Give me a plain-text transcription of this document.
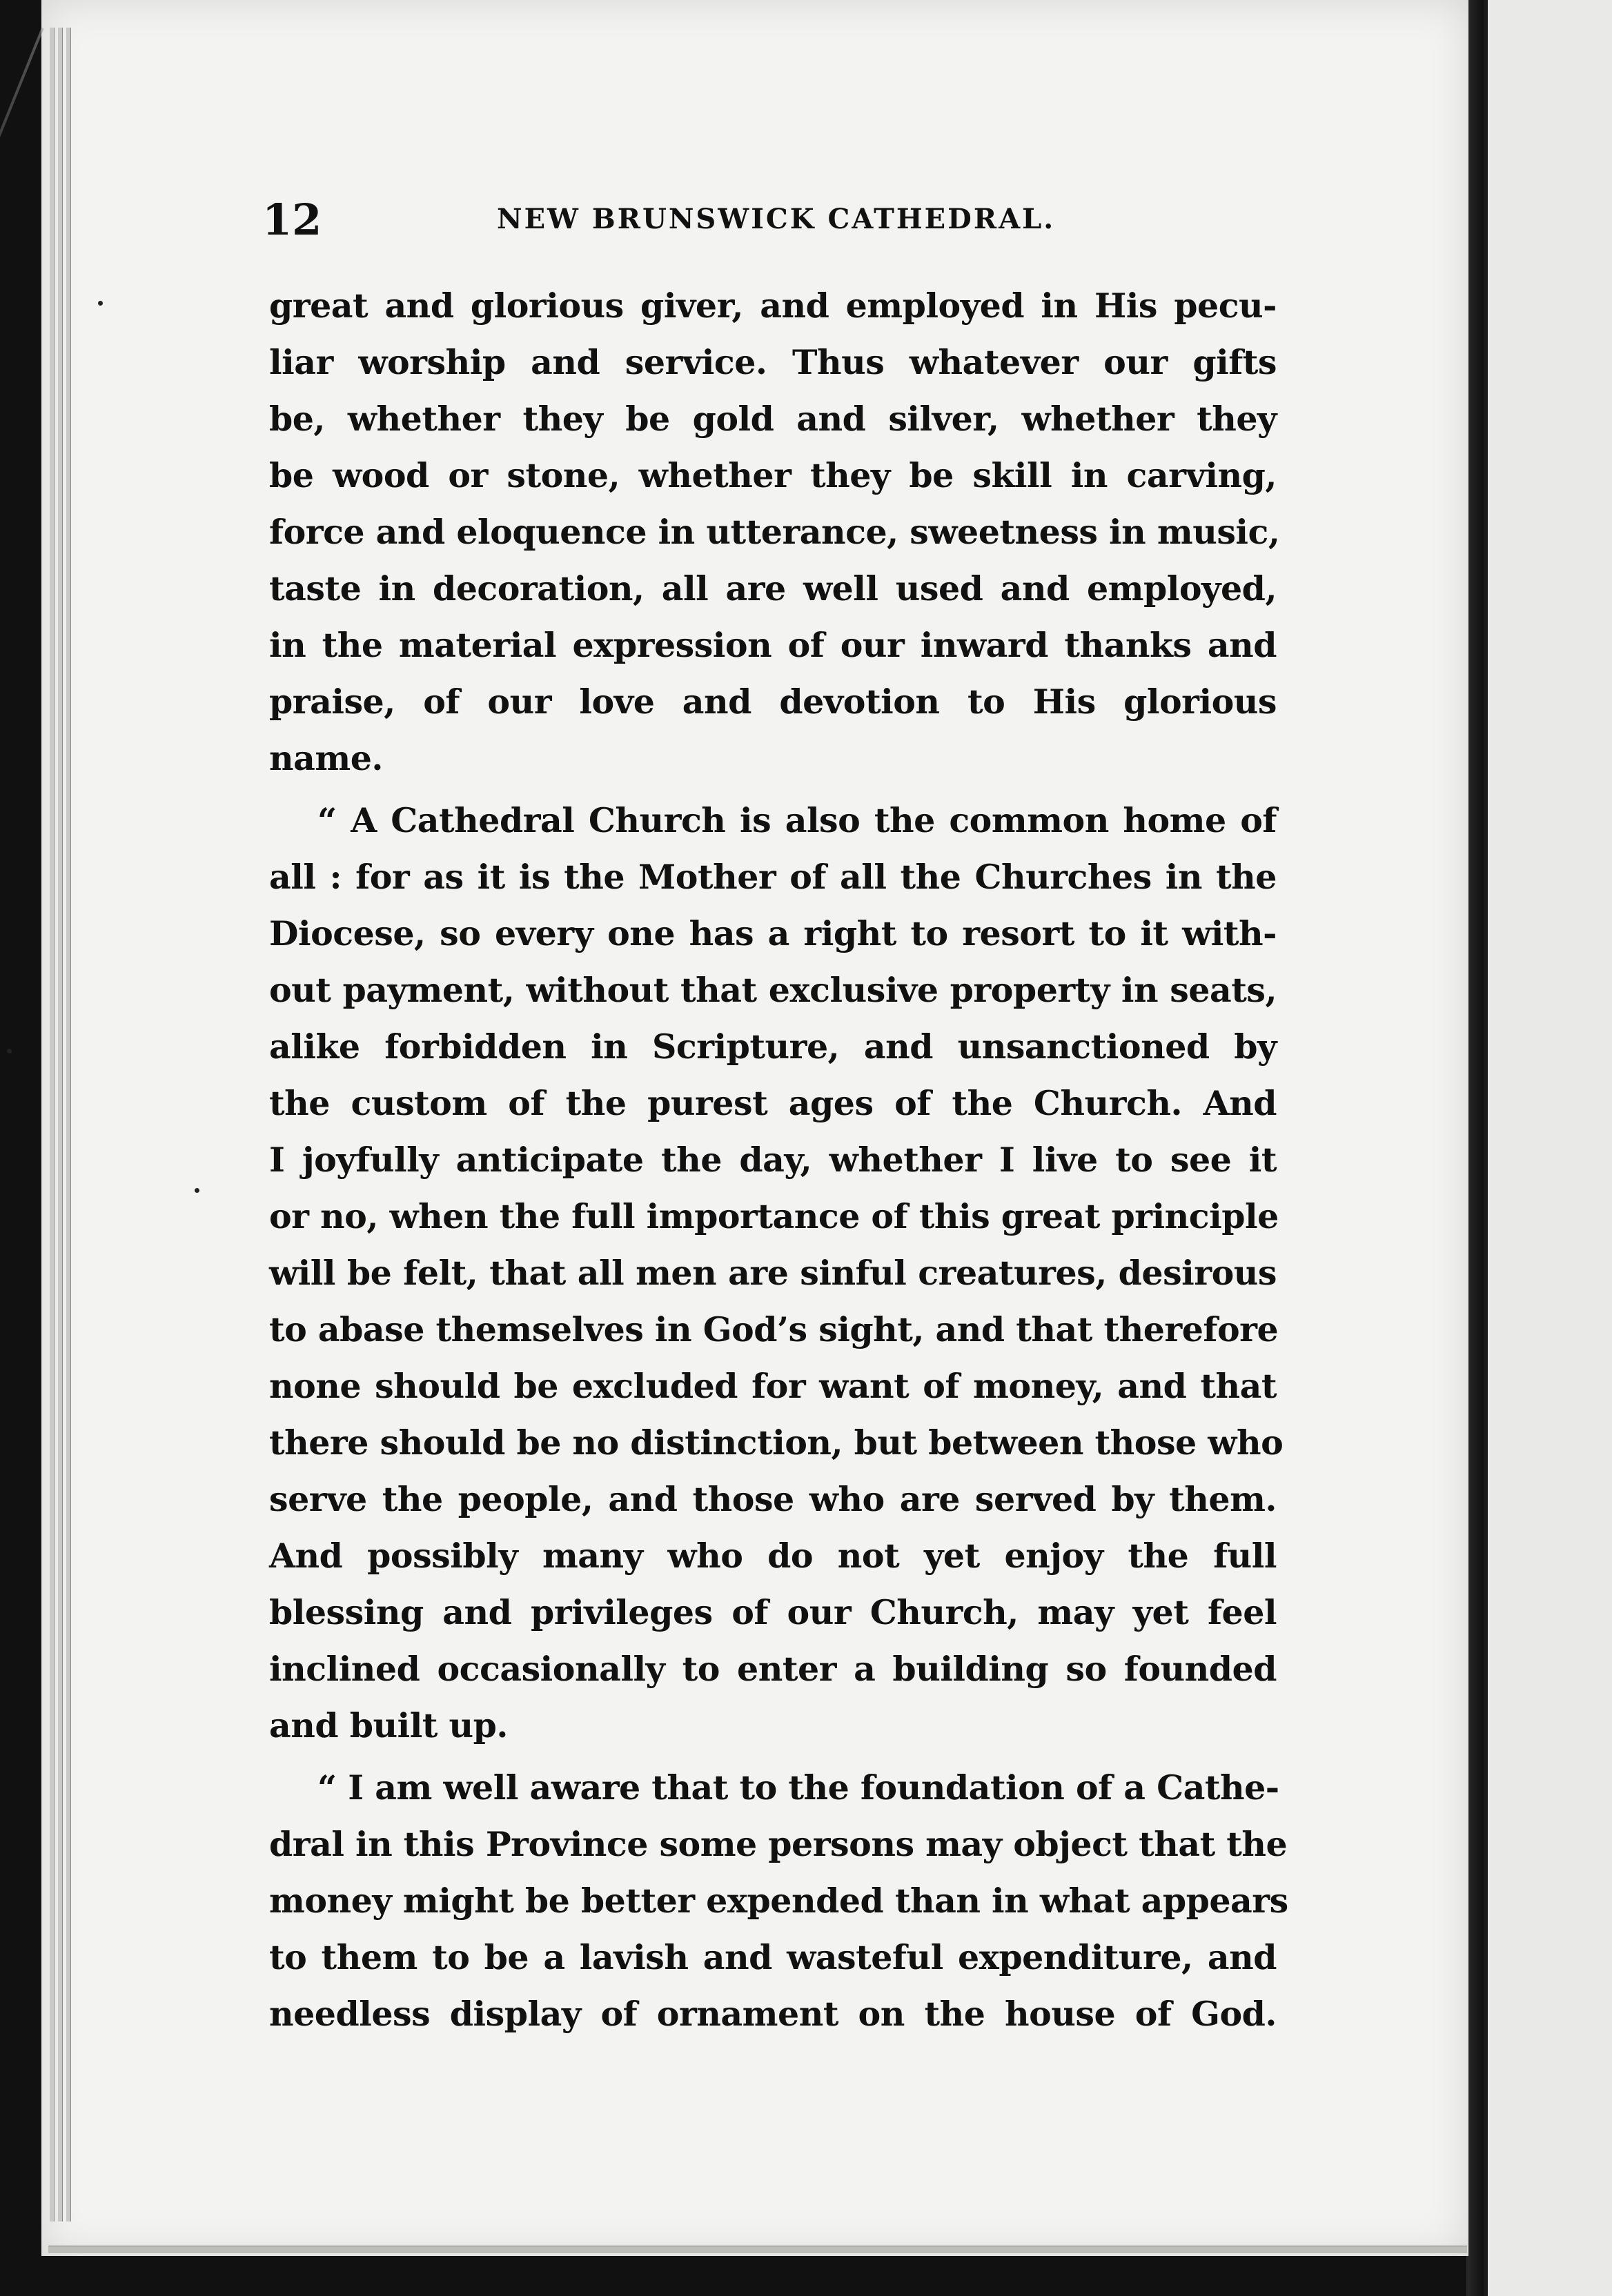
12	NEW BRUNSWICK CATHEDRAL.
great and glorious giver, and employed in His pecu-
liar worship and service. Thus whatever our gifts
be, whether they be gold and silver, whether they
be wood or stone, whether they be skill in carving,
force and eloquence in utterance, sweetness in music,
taste in decoration, all are well used and employed,
in the material expression of our inward thanks and
praise, of our love and devotion to His glorious
name.
“ A Cathedral Church is also the common home of
all : for as it is the Mother of all the Churches in the
Diocese, so every one has a right to resort to it with-
out payment, without that exclusive property in seats,
alike forbidden in Scripture, and unsanctioned by
the custom of the purest ages of the Church. And
I joyfully anticipate the day, whether I live to see it
or no, when the full importance of this great principle
will be felt, that all men are sinful creatures, desirous
to abase themselves in God’s sight, and that therefore
none should be excluded for want of money, and that
there should be no distinction, but between those who
serve the people, and those who are served by them.
And possibly many who do not yet enjoy the full
blessing and privileges of our Church, may yet feel
inclined occasionally to enter a building so founded
and built up.
“ I am well aware that to the foundation of a Cathe-
dral in this Province some persons may object that the
money might be better expended than in what appears
to them to be a lavish and wasteful expenditure, and
needless display of ornament on the house of God.
